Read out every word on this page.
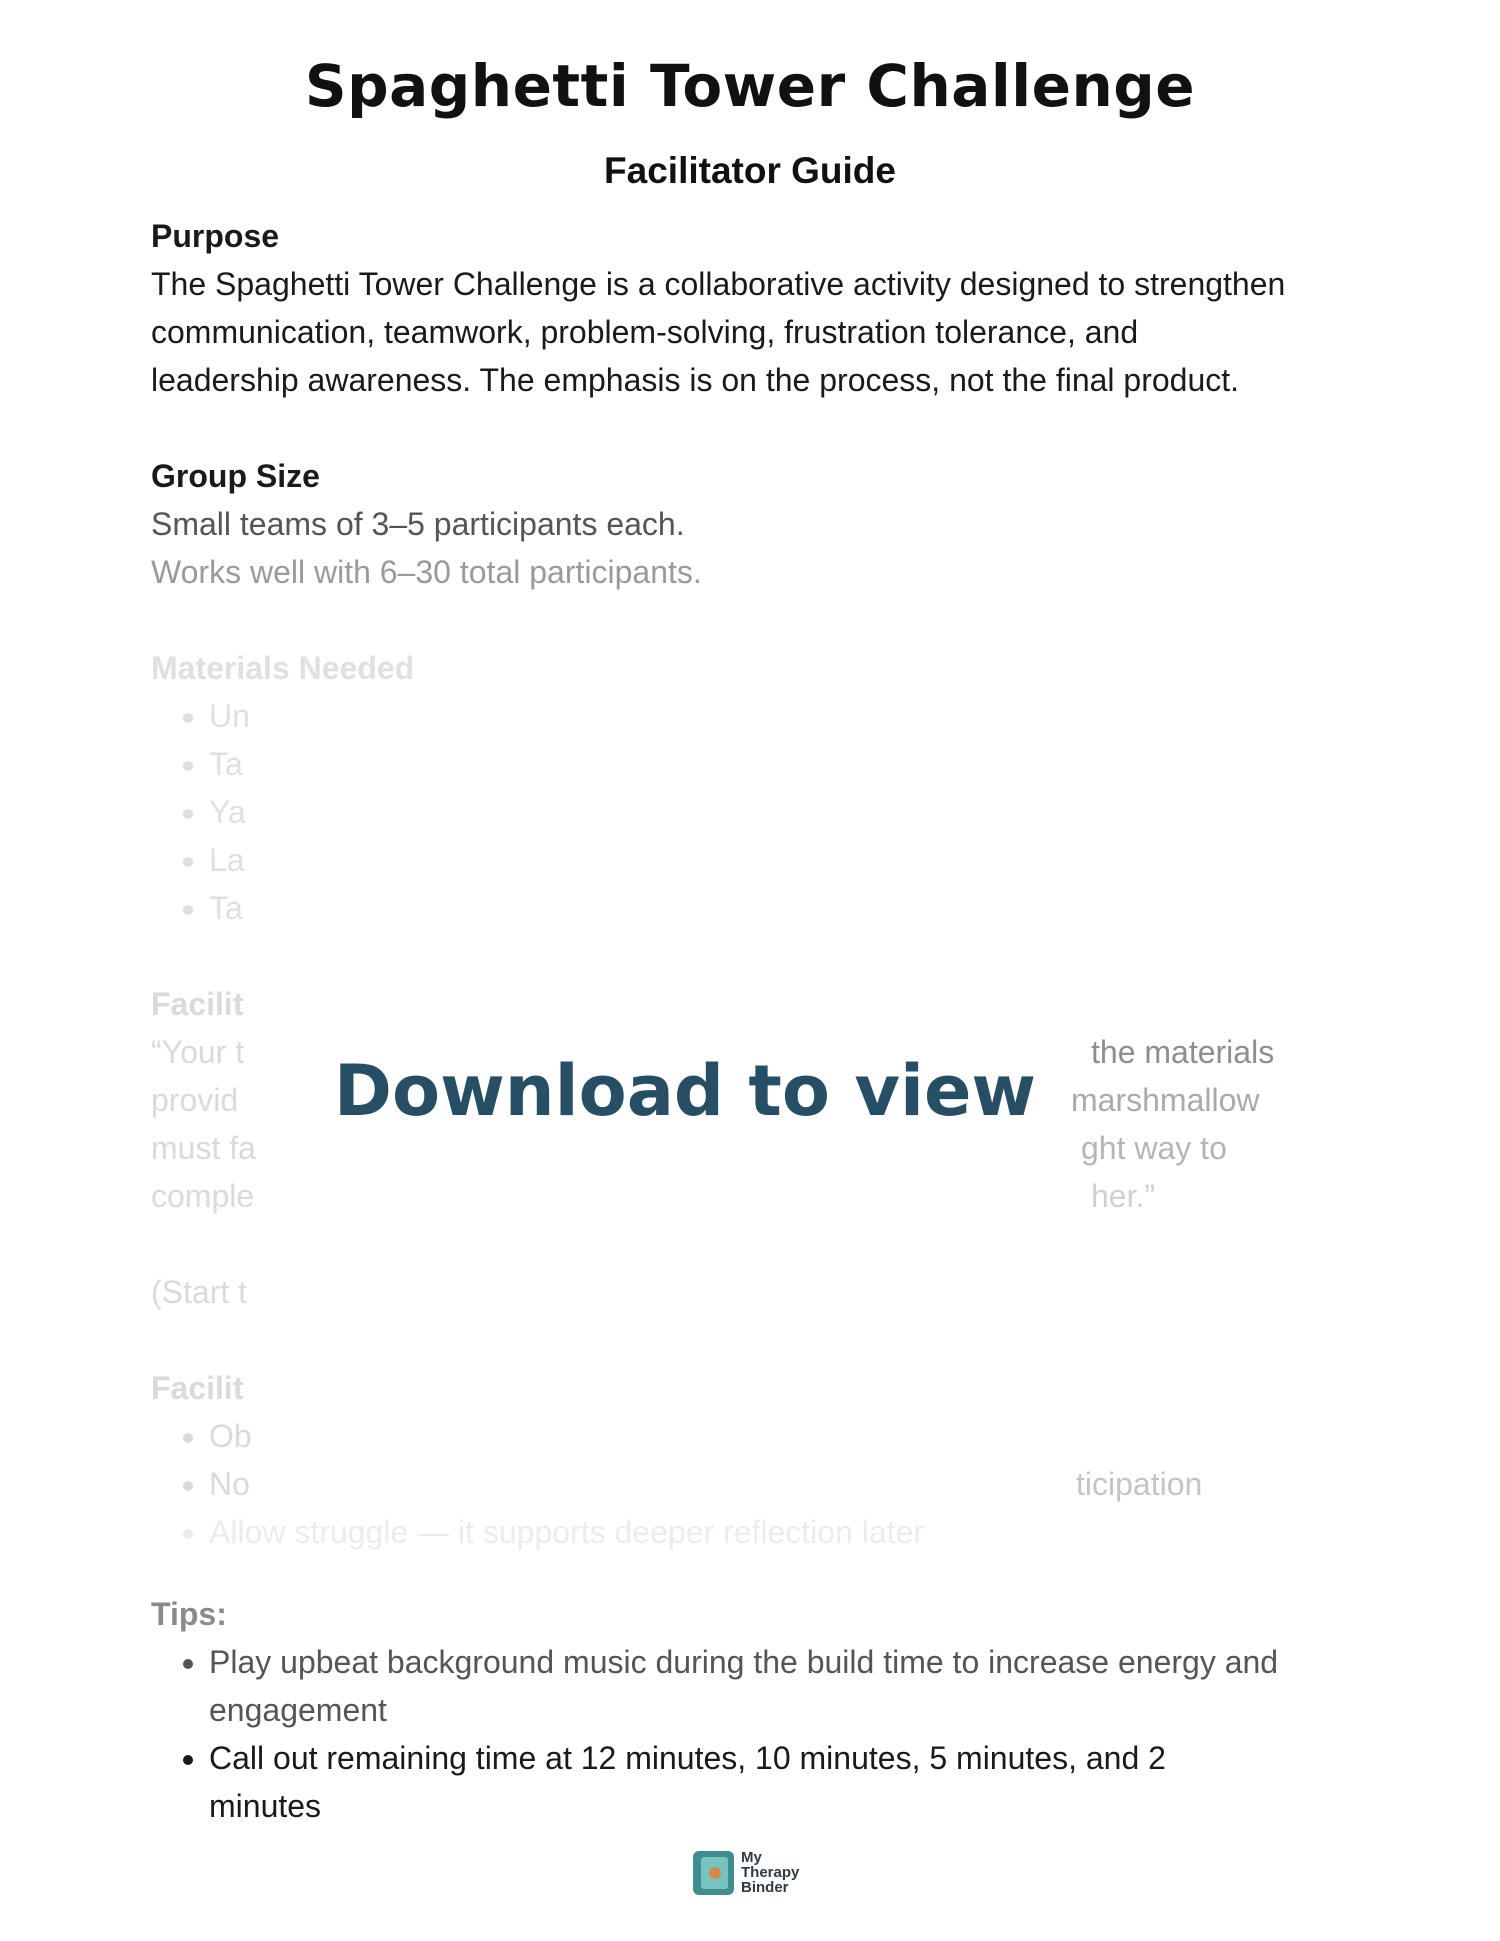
Spaghetti Tower Challenge
Facilitator Guide
Purpose

The Spaghetti Tower Challenge is a collaborative activity designed to strengthen

communication, teamwork, problem-solving, frustration tolerance, and

leadership awareness. The emphasis is on the process, not the final product.

Group Size

Small teams of 3–5 participants each.

Works well with 6–30 total participants.

Materials Needed
• Un
• Ta
• Ya
• La
• Ta
Facilit

“Your t

provid

must fa

comple

the materials
marshmallow
ght way to
her.”

(Start t

Facilit
• Ob
• No
• Allow struggle — it supports deeper reflection later
ticipation
Download to view
Tips:
• Play upbeat background music during the build time to increase energy and
engagement
• Call out remaining time at 12 minutes, 10 minutes, 5 minutes, and 2
minutes
My
Therapy
Binder
